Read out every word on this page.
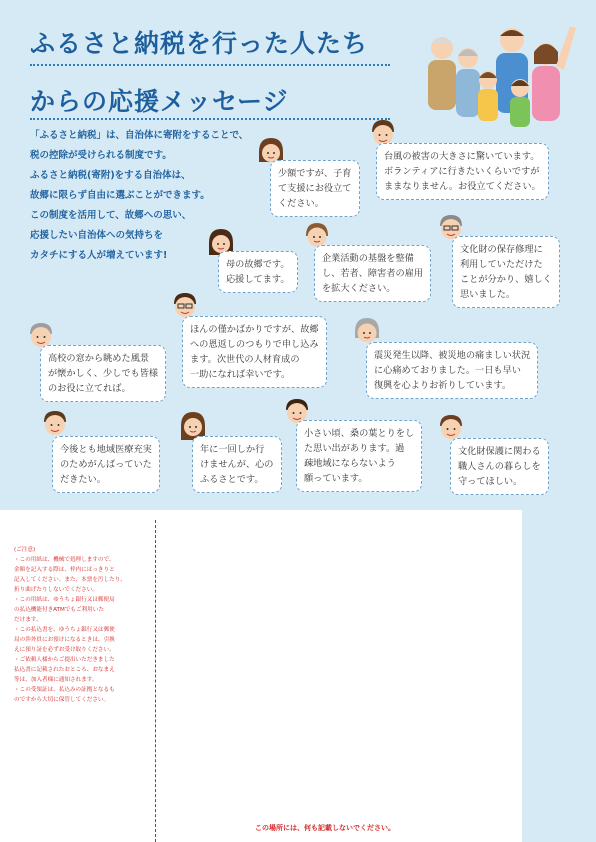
ふるさと納税を行った人たち
からの応援メッセージ

「ふるさと納税」は、自治体に寄附をすることで、

税の控除が受けられる制度です。

ふるさと納税(寄附)をする自治体は、

故郷に限らず自由に選ぶことができます。

この制度を活用して、故郷への思い、

応援したい自治体への気持ちを

カタチにする人が増えています!

少額ですが、子育

て支援にお役立て

ください。

台風の被害の大きさに驚いています。

ボランティアに行きたいくらいですが

ままなりません。お役立てください。

母の故郷です。

応援してます。

企業活動の基盤を整備

し、若者、障害者の雇用

を拡大ください。

文化財の保存修理に

利用していただけた

ことが分かり、嬉しく

思いました。

ほんの僅かばかりですが、故郷

への恩返しのつもりで申し込み

ます。次世代の人材育成の

一助になれば幸いです。

高校の窓から眺めた風景

が懐かしく、少しでも皆様

のお役に立てれば。

震災発生以降、被災地の痛ましい状況

に心痛めておりました。一日も早い

復興を心よりお祈りしています。

今後とも地域医療充実

のためがんばっていた

だきたい。

年に一回しか行

けませんが、心の

ふるさとです。

小さい頃、桑の葉とりをし

た思い出があります。過

疎地域にならないよう

願っています。

文化財保護に関わる

職人さんの暮らしを

守ってほしい。

(ご注意)

・この用紙は、機械で処理しますので、

金額を記入する際は、枠内にはっきりと

記入してください。また、本票を汚したり、

折り曲げたりしないでください。

・この用紙は、ゆうちょ銀行又は郵便局

の払込機能付きATMでもご利用いた

だけます。

・この払込書を、ゆうちょ銀行又は郵便

局の渉外員にお預けになるときは、引換

えに預り証を必ずお受け取りください。

・ご依頼人様からご提出いただきました

払込書に記載されたおところ、おなまえ

等は、加入者様に通知されます。

・この受領証は、払込みの証拠となるも

のですから大切に保管してください。

この場所には、何も記載しないでください。
